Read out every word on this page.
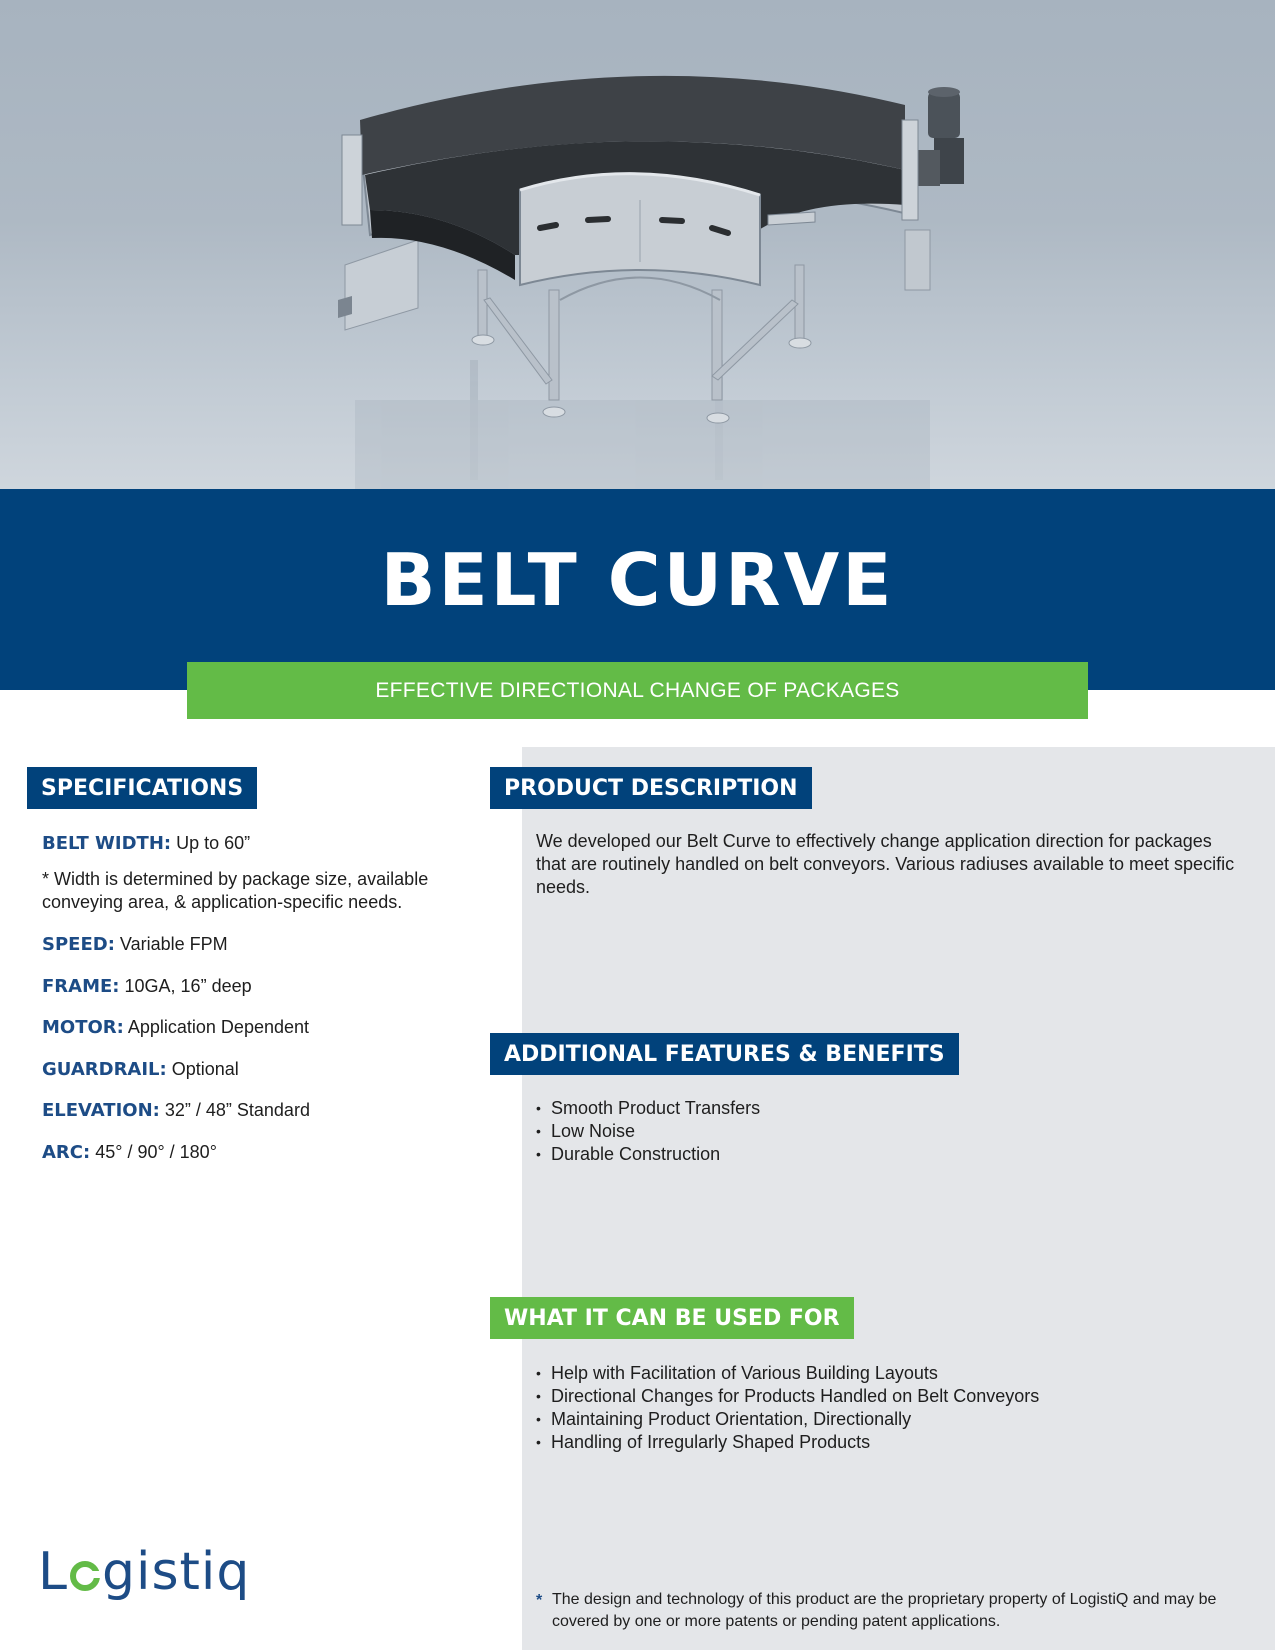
BELT CURVE
EFFECTIVE DIRECTIONAL CHANGE OF PACKAGES
SPECIFICATIONS
BELT WIDTH: Up to 60”
* Width is determined by package size, available conveying area, & application-specific needs.
SPEED: Variable FPM
FRAME: 10GA, 16” deep
MOTOR: Application Dependent
GUARDRAIL: Optional
ELEVATION: 32” / 48” Standard
ARC: 45° / 90° / 180°
PRODUCT DESCRIPTION
We developed our Belt Curve to effectively change application direction for packages that are routinely handled on belt conveyors. Various radiuses available to meet specific needs.
ADDITIONAL FEATURES & BENEFITS
• Smooth Product Transfers
• Low Noise
• Durable Construction
WHAT IT CAN BE USED FOR
• Help with Facilitation of Various Building Layouts
• Directional Changes for Products Handled on Belt Conveyors
• Maintaining Product Orientation, Directionally
• Handling of Irregularly Shaped Products
L gistiq	* The design and technology of this product are the proprietary property of LogistiQ and may be covered by one or more patents or pending patent applications.
